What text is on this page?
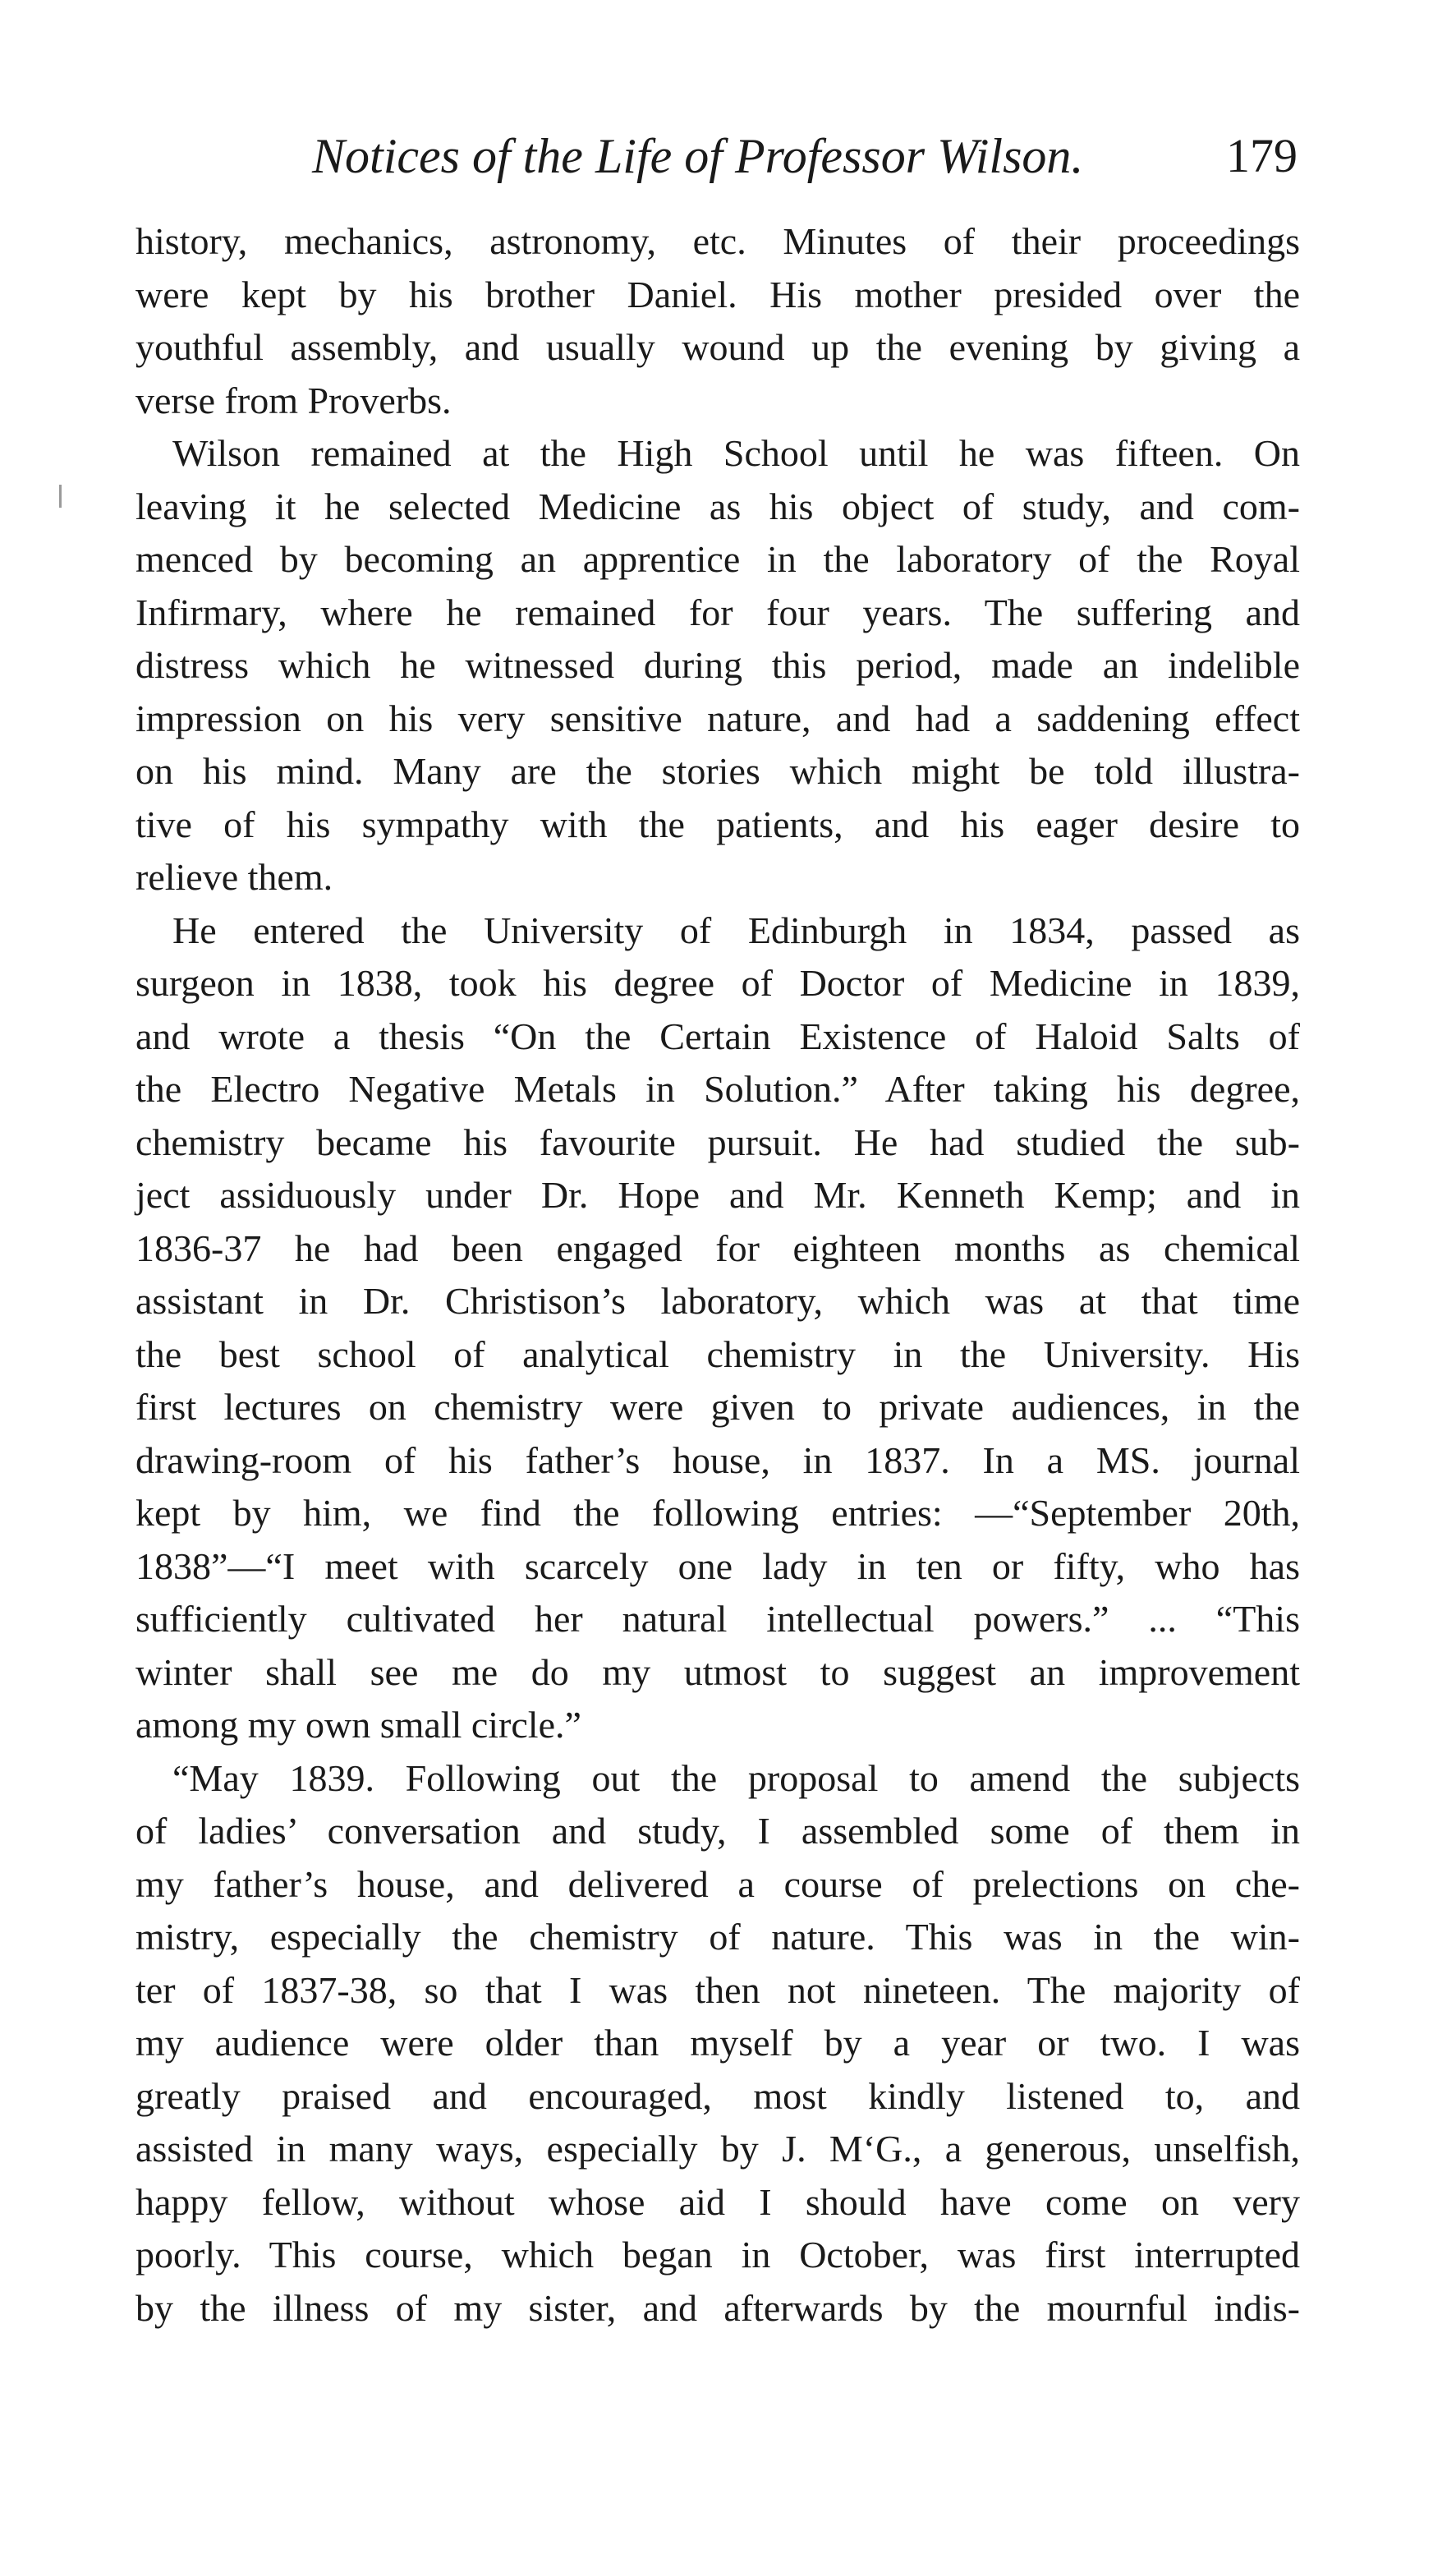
Notices of the Life of Professor Wilson.	179
history, mechanics, astronomy, etc. Minutes of their proceedings
were kept by his brother Daniel. His mother presided over the
youthful assembly, and usually wound up the evening by giving a
verse from Proverbs.
Wilson remained at the High School until he was fifteen. On
leaving it he selected Medicine as his object of study, and com-
menced by becoming an apprentice in the laboratory of the Royal
Infirmary, where he remained for four years. The suffering and
distress which he witnessed during this period, made an indelible
impression on his very sensitive nature, and had a saddening effect
on his mind. Many are the stories which might be told illustra-
tive of his sympathy with the patients, and his eager desire to
relieve them.
He entered the University of Edinburgh in 1834, passed as
surgeon in 1838, took his degree of Doctor of Medicine in 1839,
and wrote a thesis “On the Certain Existence of Haloid Salts of
the Electro Negative Metals in Solution.” After taking his degree,
chemistry became his favourite pursuit. He had studied the sub-
ject assiduously under Dr. Hope and Mr. Kenneth Kemp; and in
1836-37 he had been engaged for eighteen months as chemical
assistant in Dr. Christison’s laboratory, which was at that time
the best school of analytical chemistry in the University. His
first lectures on chemistry were given to private audiences, in the
drawing-room of his father’s house, in 1837. In a MS. journal
kept by him, we find the following entries: —“September 20th,
1838”—“I meet with scarcely one lady in ten or fifty, who has
sufficiently cultivated her natural intellectual powers.” ... “This
winter shall see me do my utmost to suggest an improvement
among my own small circle.”
“May 1839. Following out the proposal to amend the subjects
of ladies’ conversation and study, I assembled some of them in
my father’s house, and delivered a course of prelections on che-
mistry, especially the chemistry of nature. This was in the win-
ter of 1837-38, so that I was then not nineteen. The majority of
my audience were older than myself by a year or two. I was
greatly praised and encouraged, most kindly listened to, and
assisted in many ways, especially by J. M‘G., a generous, unselfish,
happy fellow, without whose aid I should have come on very
poorly. This course, which began in October, was first interrupted
by the illness of my sister, and afterwards by the mournful indis-
